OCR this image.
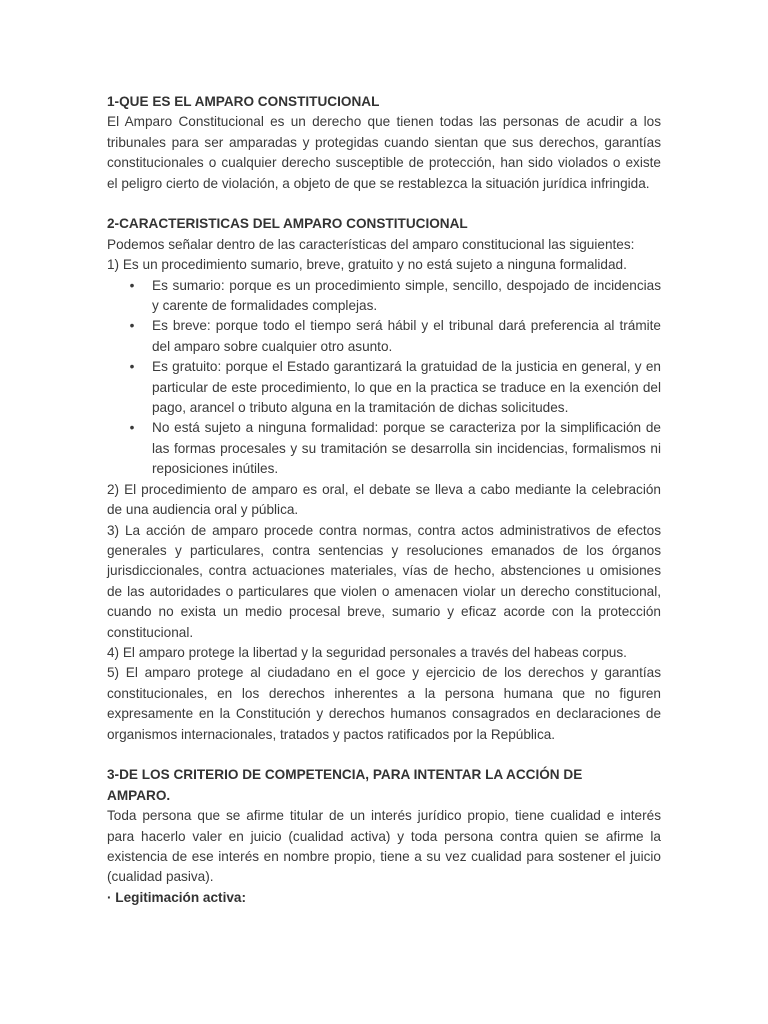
1-QUE ES EL AMPARO CONSTITUCIONAL
El Amparo Constitucional es un derecho que tienen todas las personas de acudir a los tribunales para ser amparadas y protegidas cuando sientan que sus derechos, garantías constitucionales o cualquier derecho susceptible de protección, han sido violados o existe el peligro cierto de violación, a objeto de que se restablezca la situación jurídica infringida.
2-CARACTERISTICAS DEL AMPARO CONSTITUCIONAL
Podemos señalar dentro de las características del amparo constitucional las siguientes:
1) Es un procedimiento sumario, breve, gratuito y no está sujeto a ninguna formalidad.
• Es sumario: porque es un procedimiento simple, sencillo, despojado de incidencias y carente de formalidades complejas.
• Es breve: porque todo el tiempo será hábil y el tribunal dará preferencia al trámite del amparo sobre cualquier otro asunto.
• Es gratuito: porque el Estado garantizará la gratuidad de la justicia en general, y en particular de este procedimiento, lo que en la practica se traduce en la exención del pago, arancel o tributo alguna en la tramitación de dichas solicitudes.
• No está sujeto a ninguna formalidad: porque se caracteriza por la simplificación de las formas procesales y su tramitación se desarrolla sin incidencias, formalismos ni reposiciones inútiles.
2) El procedimiento de amparo es oral, el debate se lleva a cabo mediante la celebración de una audiencia oral y pública.
3) La acción de amparo procede contra normas, contra actos administrativos de efectos generales y particulares, contra sentencias y resoluciones emanados de los órganos jurisdiccionales, contra actuaciones materiales, vías de hecho, abstenciones u omisiones de las autoridades o particulares que violen o amenacen violar un derecho constitucional, cuando no exista un medio procesal breve, sumario y eficaz acorde con la protección constitucional.
4) El amparo protege la libertad y la seguridad personales a través del habeas corpus.
5) El amparo protege al ciudadano en el goce y ejercicio de los derechos y garantías constitucionales, en los derechos inherentes a la persona humana que no figuren expresamente en la Constitución y derechos humanos consagrados en declaraciones de organismos internacionales, tratados y pactos ratificados por la República.
3-DE LOS CRITERIO DE COMPETENCIA, PARA INTENTAR LA ACCIÓN DE
AMPARO.
Toda persona que se afirme titular de un interés jurídico propio, tiene cualidad e interés para hacerlo valer en juicio (cualidad activa) y toda persona contra quien se afirme la existencia de ese interés en nombre propio, tiene a su vez cualidad para sostener el juicio (cualidad pasiva).
· Legitimación activa:
